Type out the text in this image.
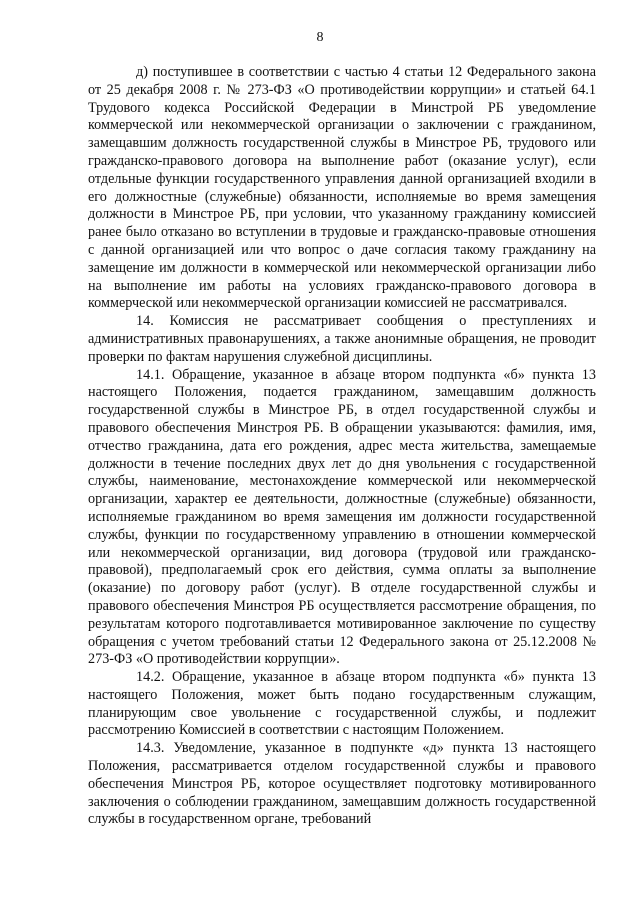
8

д) поступившее в соответствии с частью 4 статьи 12 Федерального закона от 25 декабря 2008 г. № 273-ФЗ «О противодействии коррупции» и статьей 64.1 Трудового кодекса Российской Федерации в Минстрой РБ уведомление коммерческой или некоммерческой организации о заключении с гражданином, замещавшим должность государственной службы в Минстрое РБ, трудового или гражданско-правового договора на выполнение работ (оказание услуг), если отдельные функции государственного управления данной организацией входили в его должностные (служебные) обязанности, исполняемые во время замещения должности в Минстрое РБ, при условии, что указанному гражданину комиссией ранее было отказано во вступлении в трудовые и гражданско-правовые отношения с данной организацией или что вопрос о даче согласия такому гражданину на замещение им должности в коммерческой или некоммерческой организации либо на выполнение им работы на условиях гражданско-правового договора в коммерческой или некоммерческой организации комиссией не рассматривался.

14. Комиссия не рассматривает сообщения о преступлениях и административных правонарушениях, а также анонимные обращения, не проводит проверки по фактам нарушения служебной дисциплины.

14.1. Обращение, указанное в абзаце втором подпункта «б» пункта 13 настоящего Положения, подается гражданином, замещавшим должность государственной службы в Минстрое РБ, в отдел государственной службы и правового обеспечения Минстроя РБ. В обращении указываются: фамилия, имя, отчество гражданина, дата его рождения, адрес места жительства, замещаемые должности в течение последних двух лет до дня увольнения с государственной службы, наименование, местонахождение коммерческой или некоммерческой организации, характер ее деятельности, должностные (служебные) обязанности, исполняемые гражданином во время замещения им должности государственной службы, функции по государственному управлению в отношении коммерческой или некоммерческой организации, вид договора (трудовой или гражданско-правовой), предполагаемый срок его действия, сумма оплаты за выполнение (оказание) по договору работ (услуг). В отделе государственной службы и правового обеспечения Минстроя РБ осуществляется рассмотрение обращения, по результатам которого подготавливается мотивированное заключение по существу обращения с учетом требований статьи 12 Федерального закона от 25.12.2008 № 273-ФЗ «О противодействии коррупции».

14.2. Обращение, указанное в абзаце втором подпункта «б» пункта 13 настоящего Положения, может быть подано государственным служащим, планирующим свое увольнение с государственной службы, и подлежит рассмотрению Комиссией в соответствии с настоящим Положением.

14.3. Уведомление, указанное в подпункте «д» пункта 13 настоящего Положения, рассматривается отделом государственной службы и правового обеспечения Минстроя РБ, которое осуществляет подготовку мотивированного заключения о соблюдении гражданином, замещавшим должность государственной службы в государственном органе, требований
